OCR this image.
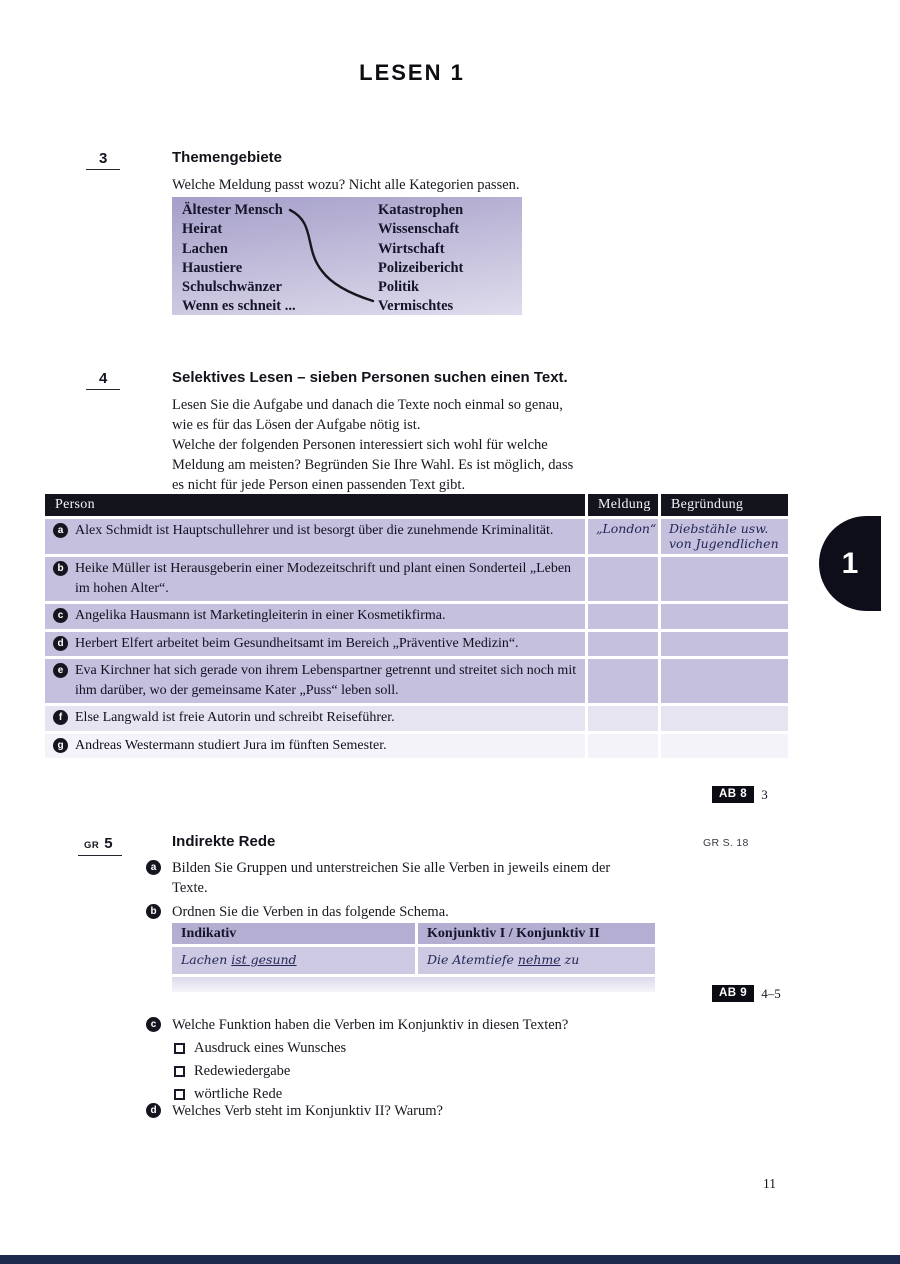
LESEN 1
3	Themengebiete
Welche Meldung passt wozu? Nicht alle Kategorien passen.
Ältester Mensch
Heirat
Lachen
Haustiere
Schulschwänzer
Wenn es schneit ...
Katastrophen
Wissenschaft
Wirtschaft
Polizeibericht
Politik
Vermischtes
4	Selektives Lesen – sieben Personen suchen einen Text.
Lesen Sie die Aufgabe und danach die Texte noch einmal so genau,
wie es für das Lösen der Aufgabe nötig ist.
Welche der folgenden Personen interessiert sich wohl für welche
Meldung am meisten? Begründen Sie Ihre Wahl. Es ist möglich, dass
es nicht für jede Person einen passenden Text gibt.
Person	Meldung	Begründung
a Alex Schmidt ist Hauptschullehrer und ist besorgt über die zunehmende Kriminalität.	„London“	Diebstähle usw. von Jugendlichen
b Heike Müller ist Herausgeberin einer Modezeitschrift und plant einen Sonderteil „Leben im hohen Alter“.
c Angelika Hausmann ist Marketingleiterin in einer Kosmetikfirma.
d Herbert Elfert arbeitet beim Gesundheitsamt im Bereich „Präventive Medizin“.
e Eva Kirchner hat sich gerade von ihrem Lebenspartner getrennt und streitet sich noch mit ihm darüber, wo der gemeinsame Kater „Puss“ leben soll.
f Else Langwald ist freie Autorin und schreibt Reiseführer.
g Andreas Westermann studiert Jura im fünften Semester.
AB 8	3
1
GR 5	Indirekte Rede	GR S. 18
a	Bilden Sie Gruppen und unterstreichen Sie alle Verben in jeweils einem der Texte.
b	Ordnen Sie die Verben in das folgende Schema.
Indikativ	Konjunktiv I / Konjunktiv II
Lachen ist gesund	Die Atemtiefe nehme zu
AB 9	4–5
c	Welche Funktion haben die Verben im Konjunktiv in diesen Texten?
Ausdruck eines Wunsches
Redewiedergabe
wörtliche Rede
d	Welches Verb steht im Konjunktiv II? Warum?
11
